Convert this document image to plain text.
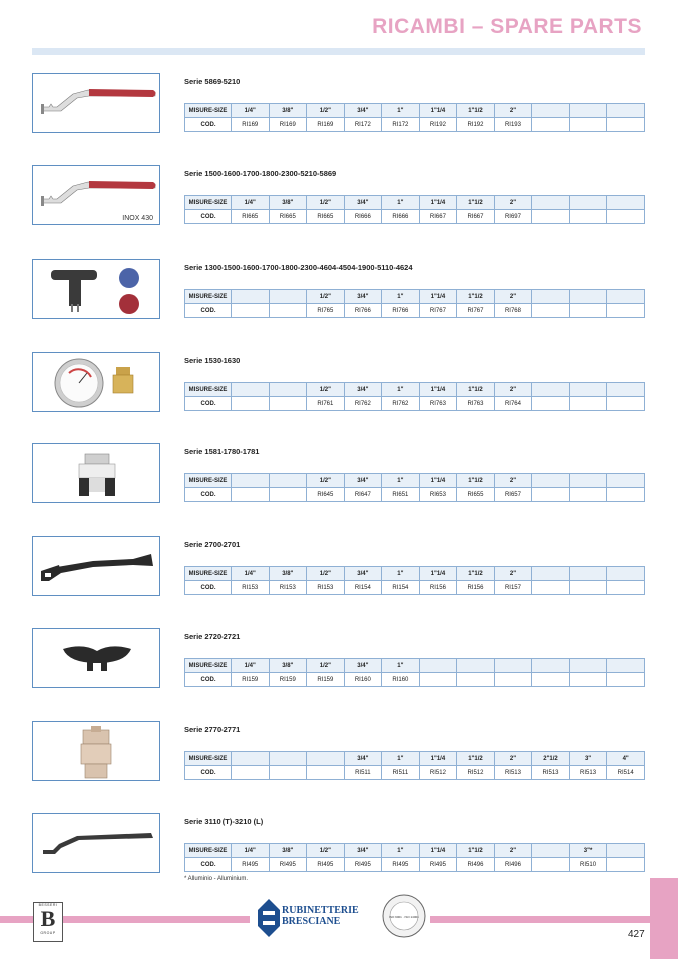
RICAMBI – SPARE PARTS
Serie 5869-5210
MISURE-SIZE	1/4"	3/8"	1/2"	3/4"	1"	1"1/4	1"1/2	2"			
COD.	RI169	RI169	RI169	RI172	RI172	RI192	RI192	RI193			
INOX 430
Serie 1500-1600-1700-1800-2300-5210-5869
MISURE-SIZE	1/4"	3/8"	1/2"	3/4"	1"	1"1/4	1"1/2	2"			
COD.	RI665	RI665	RI665	RI666	RI666	RI667	RI667	RI697			
Serie 1300-1500-1600-1700-1800-2300-4604-4504-1900-5110-4624
MISURE-SIZE			1/2"	3/4"	1"	1"1/4	1"1/2	2"			
COD.			RI765	RI766	RI766	RI767	RI767	RI768			
Serie 1530-1630
MISURE-SIZE			1/2"	3/4"	1"	1"1/4	1"1/2	2"			
COD.			RI761	RI762	RI762	RI763	RI763	RI764			
Serie 1581-1780-1781
MISURE-SIZE			1/2"	3/4"	1"	1"1/4	1"1/2	2"			
COD.			RI645	RI647	RI651	RI653	RI655	RI657			
Serie 2700-2701
MISURE-SIZE	1/4"	3/8"	1/2"	3/4"	1"	1"1/4	1"1/2	2"			
COD.	RI153	RI153	RI153	RI154	RI154	RI156	RI156	RI157			
Serie 2720-2721
MISURE-SIZE	1/4"	3/8"	1/2"	3/4"	1"						
COD.	RI159	RI159	RI159	RI160	RI160						
Serie 2770-2771
MISURE-SIZE				3/4"	1"	1"1/4	1"1/2	2"	2"1/2	3"	4"
COD.				RI511	RI511	RI512	RI512	RI513	RI513	RI513	RI514
Serie 3110 (T)-3210 (L)
MISURE-SIZE	1/4"	3/8"	1/2"	3/4"	1"	1"1/4	1"1/2	2"		3"*	
COD.	RI495	RI495	RI495	RI495	RI495	RI495	RI496	RI496		RI510	
* Alluminio - Alluminium.
BESSERI
B
GROUP
RUBINETTERIE
BRESCIANE	ISO 9001 · ISO 14001
427
